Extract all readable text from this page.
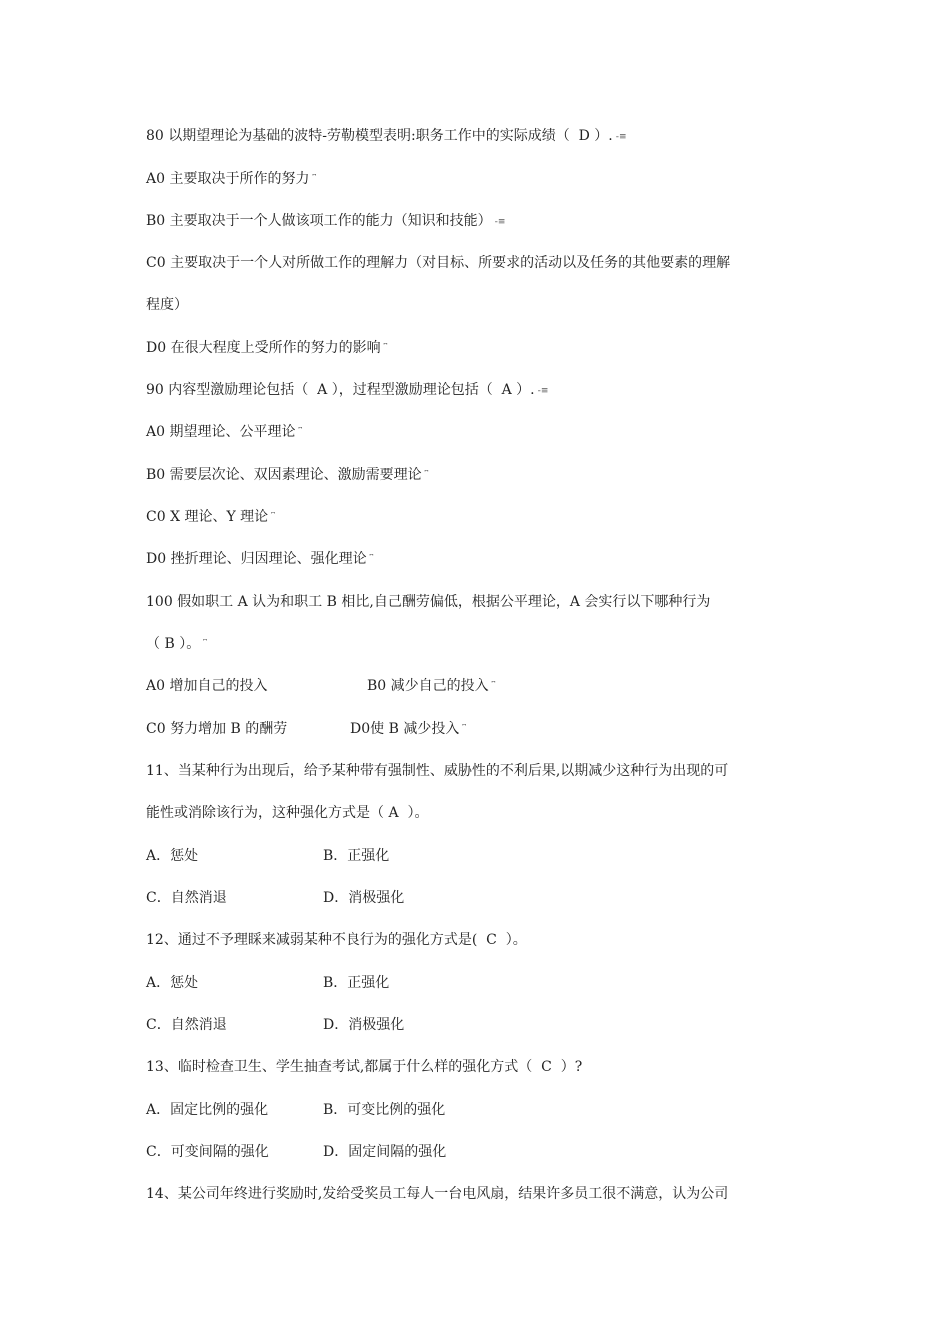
80 以期望理论为基础的波特-劳勒模型表明:职务工作中的实际成绩（  D ）. -≡

A0 主要取决于所作的努力 ⎴

B0 主要取决于一个人做该项工作的能力（知识和技能） -≡

C0 主要取决于一个人对所做工作的理解力（对目标、所要求的活动以及任务的其他要素的理解

程度）

D0 在很大程度上受所作的努力的影响 ⎴

90 内容型激励理论包括（  A ），过程型激励理论包括（  A ）. -≡

A0 期望理论、公平理论 ⎴

B0 需要层次论、双因素理论、激励需要理论 ⎴

C0 X 理论、Y 理论 ⎴

D0 挫折理论、归因理论、强化理论 ⎴

100 假如职工 A 认为和职工 B 相比,自己酬劳偏低，根据公平理论，A 会实行以下哪种行为

（ B ）。 ⎴

A0 增加自己的投入	B0 减少自己的投入 ⎴

C0 努力增加 B 的酬劳	D0使 B 减少投入 ⎴

11、当某种行为出现后，给予某种带有强制性、威胁性的不利后果,以期减少这种行为出现的可

能性或消除该行为，这种强化方式是（ A  ）。

A．惩处	B．正强化

C．自然消退	D．消极强化

12、通过不予理睬来减弱某种不良行为的强化方式是(  C  ）。

A．惩处	B．正强化

C．自然消退	D．消极强化

13、临时检查卫生、学生抽查考试,都属于什么样的强化方式（  C  ）?

A．固定比例的强化	B．可变比例的强化

C．可变间隔的强化	D．固定间隔的强化

14、某公司年终进行奖励时,发给受奖员工每人一台电风扇，结果许多员工很不满意，认为公司
